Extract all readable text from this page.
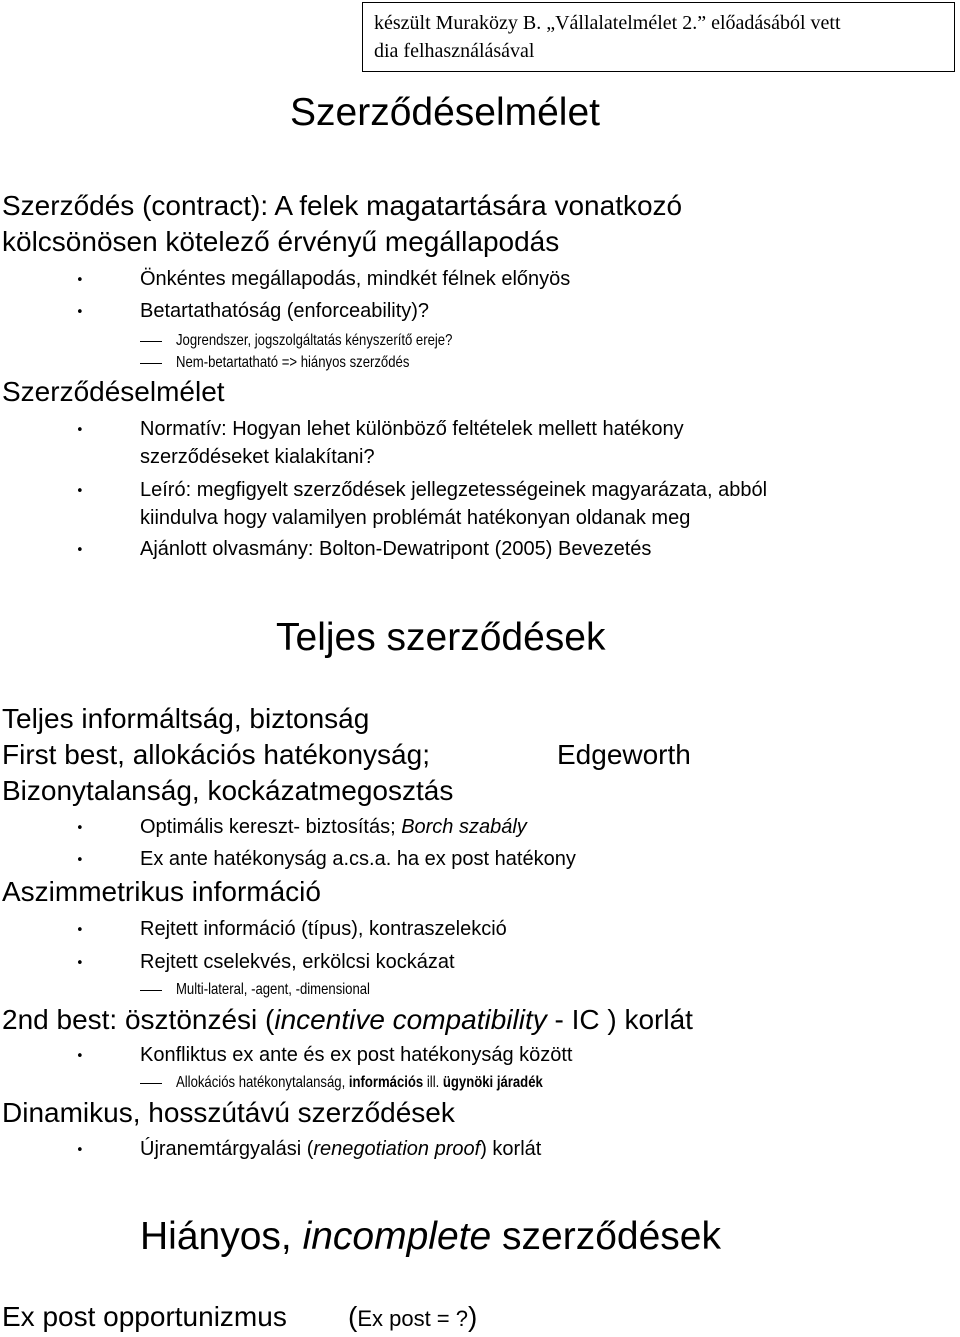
készült Muraközy B. „Vállalatelmélet 2.” előadásából vett
dia felhasználásával
Szerződéselmélet
Szerződés (contract): A felek magatartására vonatkozó
kölcsönösen kötelező érvényű megállapodás
•	Önkéntes megállapodás, mindkét félnek előnyös
•	Betartathatóság (enforceability)?
Jogrendszer, jogszolgáltatás kényszerítő ereje?
Nem-betartatható => hiányos szerződés
Szerződéselmélet
•	Normatív: Hogyan lehet különböző feltételek mellett hatékony
szerződéseket kialakítani?
•	Leíró: megfigyelt szerződések jellegzetességeinek magyarázata, abból
kiindulva hogy valamilyen problémát hatékonyan oldanak meg
•	Ajánlott olvasmány: Bolton-Dewatripont (2005) Bevezetés
Teljes szerződések
Teljes informáltság, biztonság
First best, allokációs hatékonyság;	Edgeworth
Bizonytalanság, kockázatmegosztás
•	Optimális kereszt- biztosítás; Borch szabály
•	Ex ante hatékonyság a.cs.a. ha ex post hatékony
Aszimmetrikus információ
•	Rejtett információ (típus), kontraszelekció
•	Rejtett cselekvés, erkölcsi kockázat
Multi-lateral, -agent, -dimensional
2nd best: ösztönzési (incentive compatibility - IC ) korlát
•	Konfliktus ex ante és ex post hatékonyság között
Allokációs hatékonytalanság, információs ill. ügynöki járadék
Dinamikus, hosszútávú szerződések
•	Újranemtárgyalási (renegotiation proof) korlát
Hiányos, incomplete szerződések
Ex post opportunizmus (Ex post = ?)
